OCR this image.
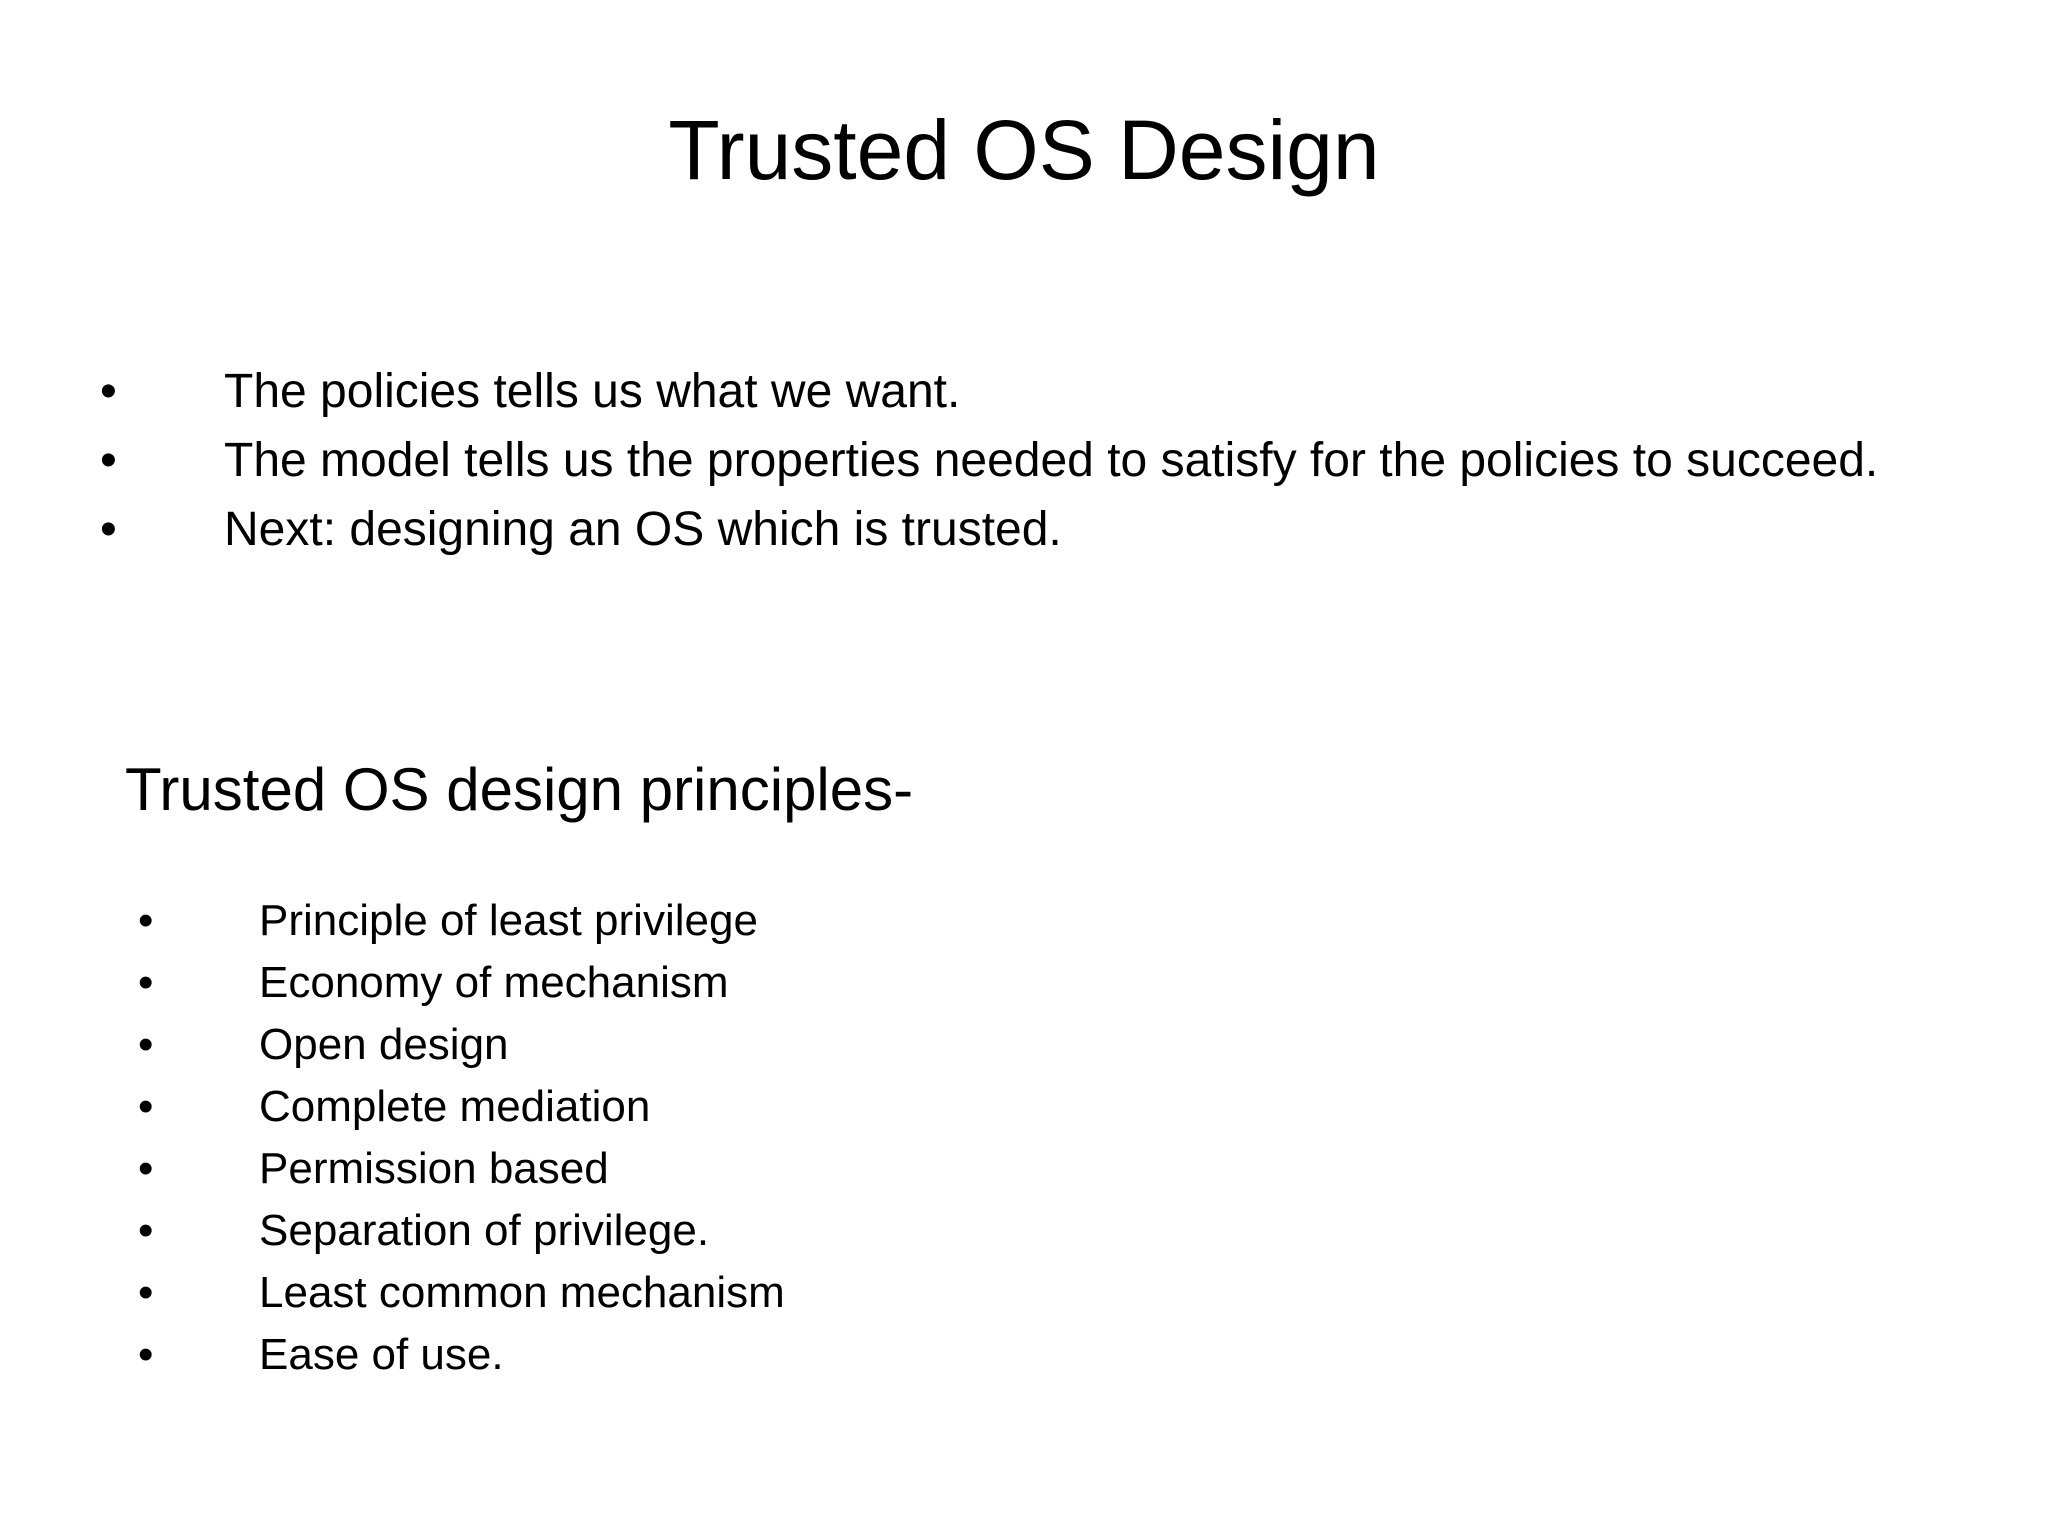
Trusted OS Design
•	The policies tells us what we want.
•	The model tells us the properties needed to satisfy for the policies to succeed.
•	Next: designing an OS which is trusted.
Trusted OS design principles-
•	Principle of least privilege
•	Economy of mechanism
•	Open design
•	Complete mediation
•	Permission based
•	Separation of privilege.
•	Least common mechanism
•	Ease of use.
